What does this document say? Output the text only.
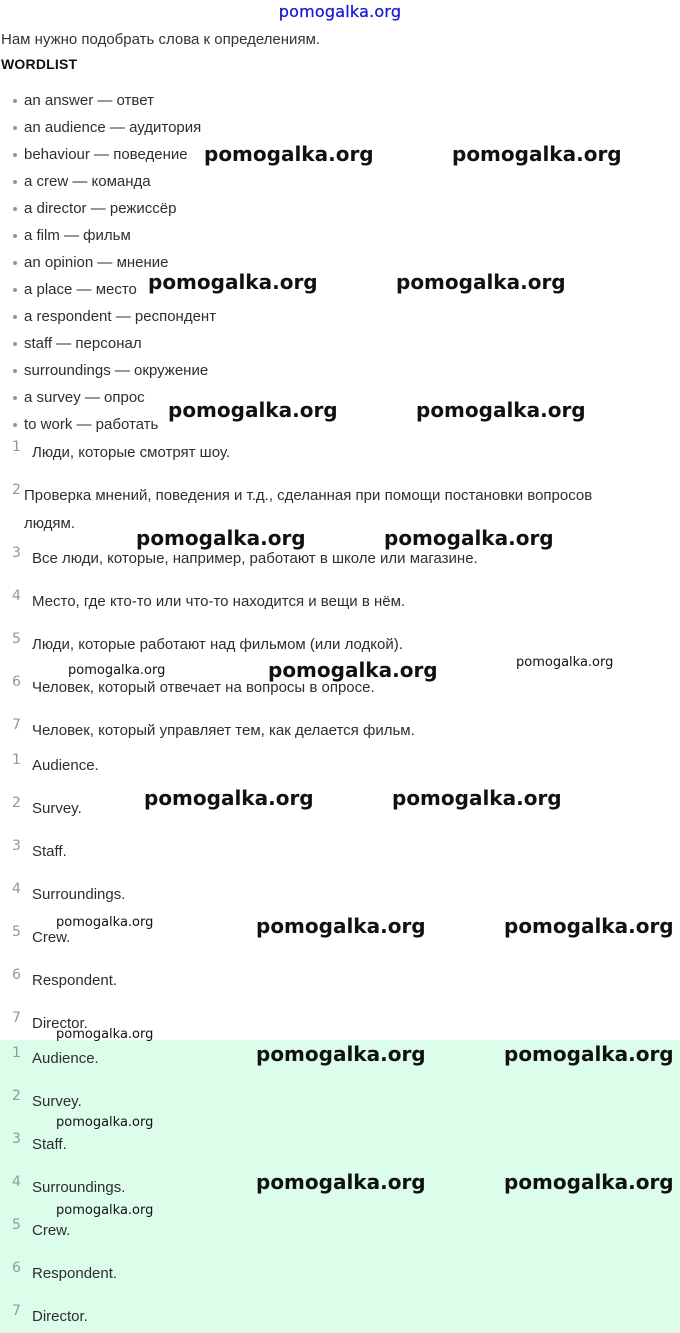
pomogalka.org
Нам нужно подобрать слова к определениям.
WORDLIST
an answer — ответ
an audience — аудитория
behaviour — поведение
a crew — команда
a director — режиссёр
a film — фильм
an opinion — мнение
a place — место
a respondent — респондент
staff — персонал
surroundings — окружение
a survey — опрос
to work — работать
1 Люди, которые смотрят шоу.
2 Проверка мнений, поведения и т.д., сделанная при помощи постановки вопросов людям.
3 Все люди, которые, например, работают в школе или магазине.
4 Место, где кто-то или что-то находится и вещи в нём.
5 Люди, которые работают над фильмом (или лодкой).
6 Человек, который отвечает на вопросы в опросе.
7 Человек, который управляет тем, как делается фильм.
1 Audience.
2 Survey.
3 Staff.
4 Surroundings.
5 Crew.
6 Respondent.
7 Director.
1 Audience.
2 Survey.
3 Staff.
4 Surroundings.
5 Crew.
6 Respondent.
7 Director.
pomogalka.org	pomogalka.org
pomogalka.org	pomogalka.org
pomogalka.org	pomogalka.org
pomogalka.org	pomogalka.org
pomogalka.org	pomogalka.org	pomogalka.org
pomogalka.org	pomogalka.org
pomogalka.org	pomogalka.org	pomogalka.org
pomogalka.org
pomogalka.org	pomogalka.org
pomogalka.org
pomogalka.org	pomogalka.org
pomogalka.org
